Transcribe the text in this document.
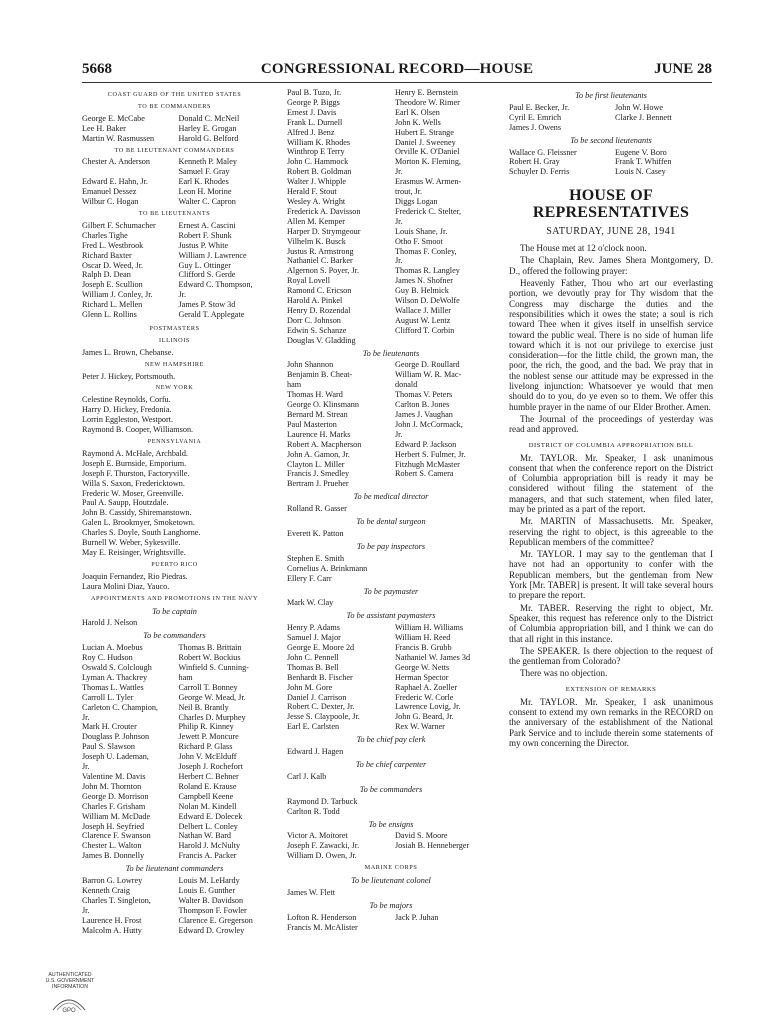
5668	CONGRESSIONAL RECORD—HOUSE	JUNE 28
COAST GUARD OF THE UNITED STATES
TO BE COMMANDERS
George E. McCabe	Donald C. McNeil
Lee H. Baker	Harley E. Grogan
Martin W. Rasmussen	Harold G. Belford
TO BE LIEUTENANT COMMANDERS
Chester A. Anderson	Kenneth P. Maley
	Samuel F. Gray
Edward E. Hahn, Jr.	Earl K. Rhodes
Emanuel Dessez	Leon H. Morine
Wilbur C. Hogan	Walter C. Capron
TO BE LIEUTENANTS
Gilbert F. Schumacher	Ernest A. Cascini
Charles Tighe	Robert F. Shunk
Fred L. Westbrook	Justus P. White
Richard Baxter	William J. Lawrence
Oscar D. Weed, Jr.	Guy L. Ottinger
Ralph D. Dean	Clifford S. Gerde
Joseph E. Scullion	Edward C. Thompson,
William J. Conley, Jr.	Jr.
Richard L. Mellen	James P. Stow 3d
Glenn L. Rollins	Gerald T. Applegate
POSTMASTERS
ILLINOIS
James L. Brown, Chebanse.
NEW HAMPSHIRE
Peter J. Hickey, Portsmouth.
NEW YORK
Celestine Reynolds, Corfu.
Harry D. Hickey, Fredonia.
Lorrin Eggleston, Westport.
Raymond B. Cooper, Williamson.
PENNSYLVANIA
Raymond A. McHale, Archbald.
Joseph E. Burnside, Emporium.
Joseph F. Thurston, Factoryville.
Willa S. Saxon, Fredericktown.
Frederic W. Moser, Greenville.
Paul A. Saupp, Houtzdale.
John B. Cassidy, Shiremanstown.
Galen L. Brookmyer, Smoketown.
Charles S. Doyle, South Langhorne.
Burnell W. Weber, Sykesville.
May E. Reisinger, Wrightsville.
PUERTO RICO
Joaquin Fernandez, Rio Piedras.
Laura Molini Diaz, Yauco.
APPOINTMENTS AND PROMOTIONS IN THE NAVY
To be captain
Harold J. Nelson
To be commanders
Lucian A. Moebus	Thomas B. Brittain
Roy C. Hudson	Robert W. Bockius
Oswald S. Colclough	Winfield S. Cunning-
Lyman A. Thackrey	ham
Thomas L. Wattles	Carroll T. Bonney
Carroll L. Tyler	George W. Mead, Jr.
Carleton C. Champion,	Neil B. Brantly
Jr.	Charles D. Murphey
Mark H. Crouter	Philip R. Kinney
Douglass P. Johnson	Jewett P. Moncure
Paul S. Slawson	Richard P. Glass
Joseph U. Lademan,	John V. McElduff
Jr.	Joseph J. Rochefort
Valentine M. Davis	Herbert C. Behner
John M. Thornton	Roland E. Krause
George D. Morrison	Campbell Keene
Charles F. Grisham	Nolan M. Kindell
William M. McDade	Edward E. Dolecek
Joseph H. Seyfried	Delbert L. Conley
Clarence F. Swanson	Nathan W. Bard
Chester L. Walton	Harold J. McNulty
James B. Donnelly	Francis A. Packer
To be lieutenant commanders
Barron G. Lowrey	Louis M. LeHardy
Kenneth Craig	Louis E. Gunther
Charles T. Singleton,	Walter B. Davidson
Jr.	Thompson F. Fowler
Laurence H. Frost	Clarence E. Gregerson
Malcolm A. Hutty	Edward D. Crowley
Paul B. Tuzo, Jr.	Henry E. Bernstein
George P. Biggs	Theodore W. Rimer
Ernest J. Davis	Earl K. Olsen
Frank L. Durnell	John K. Wells
Alfred J. Benz	Hubert E. Strange
William K. Rhodes	Daniel J. Sweeney
Winthrop E Terry	Orville K. O'Daniel
John C. Hammock	Morton K. Fleming,
Robert B. Goldman	Jr.
Walter J. Whipple	Erasmus W. Armen-
Herald F. Stout	trout, Jr.
Wesley A. Wright	Diggs Logan
Frederick A. Davisson	Frederick C. Stelter,
Allen M. Kemper	Jr.
Harper D. Strymgeour	Louis Shane, Jr.
Vilhelm K. Busck	Otho F. Smoot
Justus R. Armstrong	Thomas F. Conley,
Nathaniel C. Barker	Jr.
Algernon S. Poyer, Jr.	Thomas R. Langley
Royal Lovell	James N. Shofner
Ramond C. Ericson	Guy B. Helmick
Harold A. Pinkel	Wilson D. DeWolfe
Henry D. Rozendal	Wallace J. Miller
Dorr C. Johnson	August W. Lentz
Edwin S. Schanze	Clifford T. Corbin
Douglas V. Gladding	
To be lieutenants
John Shannon	George D. Roullard
Benjamin B. Cheat-	William W. R. Mac-
ham	donald
Thomas H. Ward	Thomas V. Peters
George O. Klinsmann	Carlton B. Jones
Bernard M. Strean	James J. Vaughan
Paul Masterton	John J. McCormack,
Laurence H. Marks	Jr.
Robert A. Macpherson	Edward P. Jackson
John A. Gamon, Jr.	Herbert S. Fulmer, Jr.
Clayton L. Miller	Fitzhugh McMaster
Francis J. Smedley	Robert S. Camera
Bertram J. Prueher	
To be medical director
Rolland R. Gasser
To be dental surgeon
Everett K. Patton
To be pay inspectors
Stephen E. Smith
Cornelius A. Brinkmann
Ellery F. Carr
To be paymaster
Mark W. Clay
To be assistant paymasters
Henry P. Adams	William H. Williams
Samuel J. Major	William H. Reed
George E. Moore 2d	Francis B. Grubb
John C. Pennell	Nathaniel W. James 3d
Thomas B. Bell	George W. Netts
Benhardt B. Fischer	Herman Spector
John M. Gore	Raphael A. Zoeller
Daniel J. Carrison	Frederic W. Corle
Robert C. Dexter, Jr.	Lawrence Lovig, Jr.
Jesse S. Claypoole, Jr.	John G. Beard, Jr.
Earl E. Carlsten	Rex W. Warner
To be chief pay clerk
Edward J. Hagen
To be chief carpenter
Carl J. Kalb
To be commanders
Raymond D. Tarbuck
Carlton R. Todd
To be ensigns
Victor A. Moitoret	David S. Moore
Joseph F. Zawacki, Jr.	Josiah B. Henneberger
William D. Owen, Jr.	
MARINE CORPS
To be lieutenant colonel
James W. Flett
To be majors
Lofton R. Henderson	Jack P. Juhan
Francis M. McAlister	
To be first lieutenants
Paul E. Becker, Jr.	John W. Howe
Cyril E. Emrich	Clarke J. Bennett
James J. Owens	
To be second lieutenants
Wallace G. Fleissner	Eugene V. Boro
Robert H. Gray	Frank T. Whiffen
Schuyler D. Ferris	Louis N. Casey
HOUSE OF REPRESENTATIVES
SATURDAY, JUNE 28, 1941

The House met at 12 o'clock noon.

The Chaplain, Rev. James Shera Montgomery, D. D., offered the following prayer:

Heavenly Father, Thou who art our everlasting portion, we devoutly pray for Thy wisdom that the Congress may discharge the duties and the responsibilities which it owes the state; a soul is rich toward Thee when it gives itself in unselfish service toward the public weal. There is no side of human life toward which it is not our privilege to exercise just consideration—for the little child, the grown man, the poor, the rich, the good, and the bad. We pray that in the noblest sense our attitude may be expressed in the livelong injunction: Whatsoever ye would that men should do to you, do ye even so to them. We offer this humble prayer in the name of our Elder Brother. Amen.

The Journal of the proceedings of yesterday was read and approved.

DISTRICT OF COLUMBIA APPROPRIATION BILL

Mr. TAYLOR. Mr. Speaker, I ask unanimous consent that when the conference report on the District of Columbia appropriation bill is ready it may be considered without filing the statement of the managers, and that such statement, when filed later, may be printed as a part of the report.

Mr. MARTIN of Massachusetts. Mr. Speaker, reserving the right to object, is this agreeable to the Republican members of the committee?

Mr. TAYLOR. I may say to the gentleman that I have not had an opportunity to confer with the Republican members, but the gentleman from New York [Mr. TABER] is present. It will take several hours to prepare the report.

Mr. TABER. Reserving the right to object, Mr. Speaker, this request has reference only to the District of Columbia appropriation bill, and I think we can do that all right in this instance.

The SPEAKER. Is there objection to the request of the gentleman from Colorado?

There was no objection.

EXTENSION OF REMARKS

Mr. TAYLOR. Mr. Speaker, I ask unanimous consent to extend my own remarks in the RECORD on the anniversary of the establishment of the National Park Service and to include therein some statements of my own concerning the Director.

AUTHENTICATED
U.S. GOVERNMENT
INFORMATION
GPO
